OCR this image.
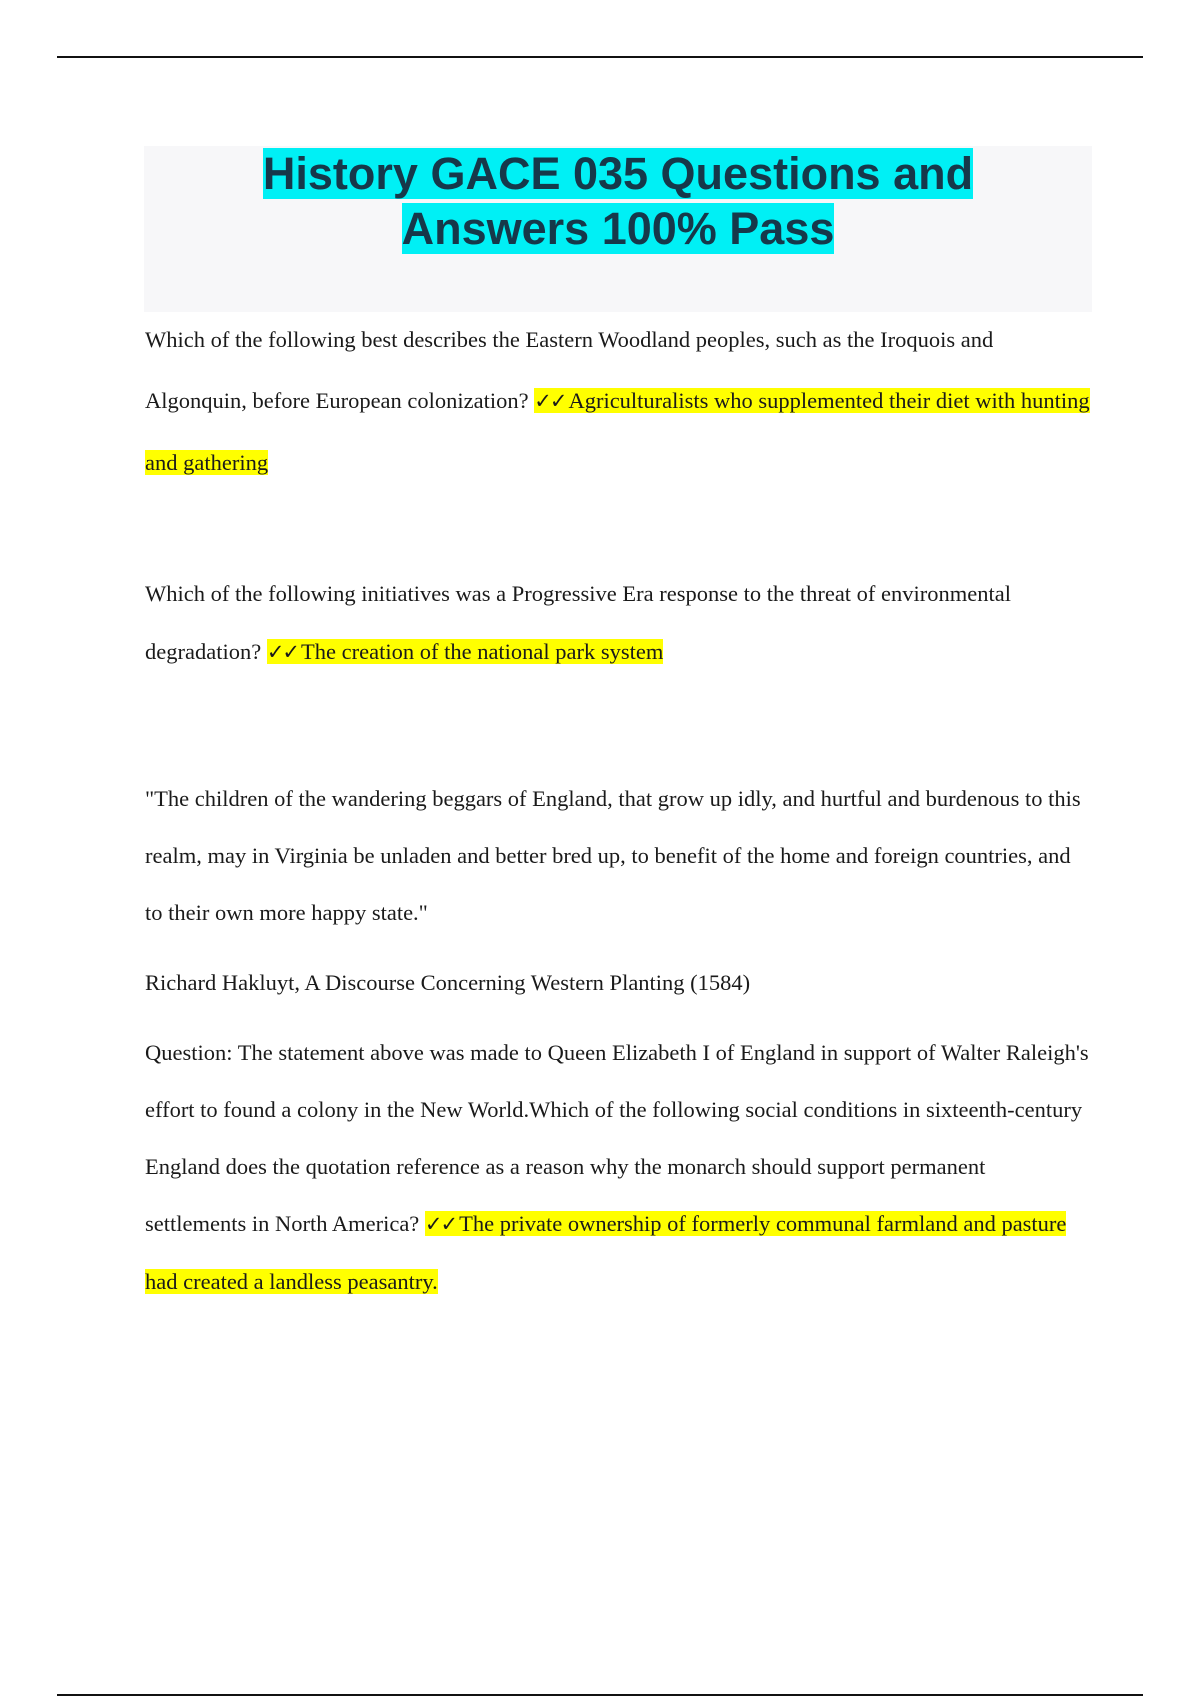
History GACE 035 Questions and
Answers 100% Pass

Which of the following best describes the Eastern Woodland peoples, such as the Iroquois and Algonquin, before European colonization? ✓✓ Agriculturalists who supplemented their diet with hunting and gathering

Which of the following initiatives was a Progressive Era response to the threat of environmental degradation? ✓✓ The creation of the national park system

"The children of the wandering beggars of England, that grow up idly, and hurtful and burdenous to this realm, may in Virginia be unladen and better bred up, to benefit of the home and foreign countries, and to their own more happy state."

Richard Hakluyt, A Discourse Concerning Western Planting (1584)

Question: The statement above was made to Queen Elizabeth I of England in support of Walter Raleigh's effort to found a colony in the New World.Which of the following social conditions in sixteenth-century England does the quotation reference as a reason why the monarch should support permanent settlements in North America? ✓✓ The private ownership of formerly communal farmland and pasture had created a landless peasantry.
